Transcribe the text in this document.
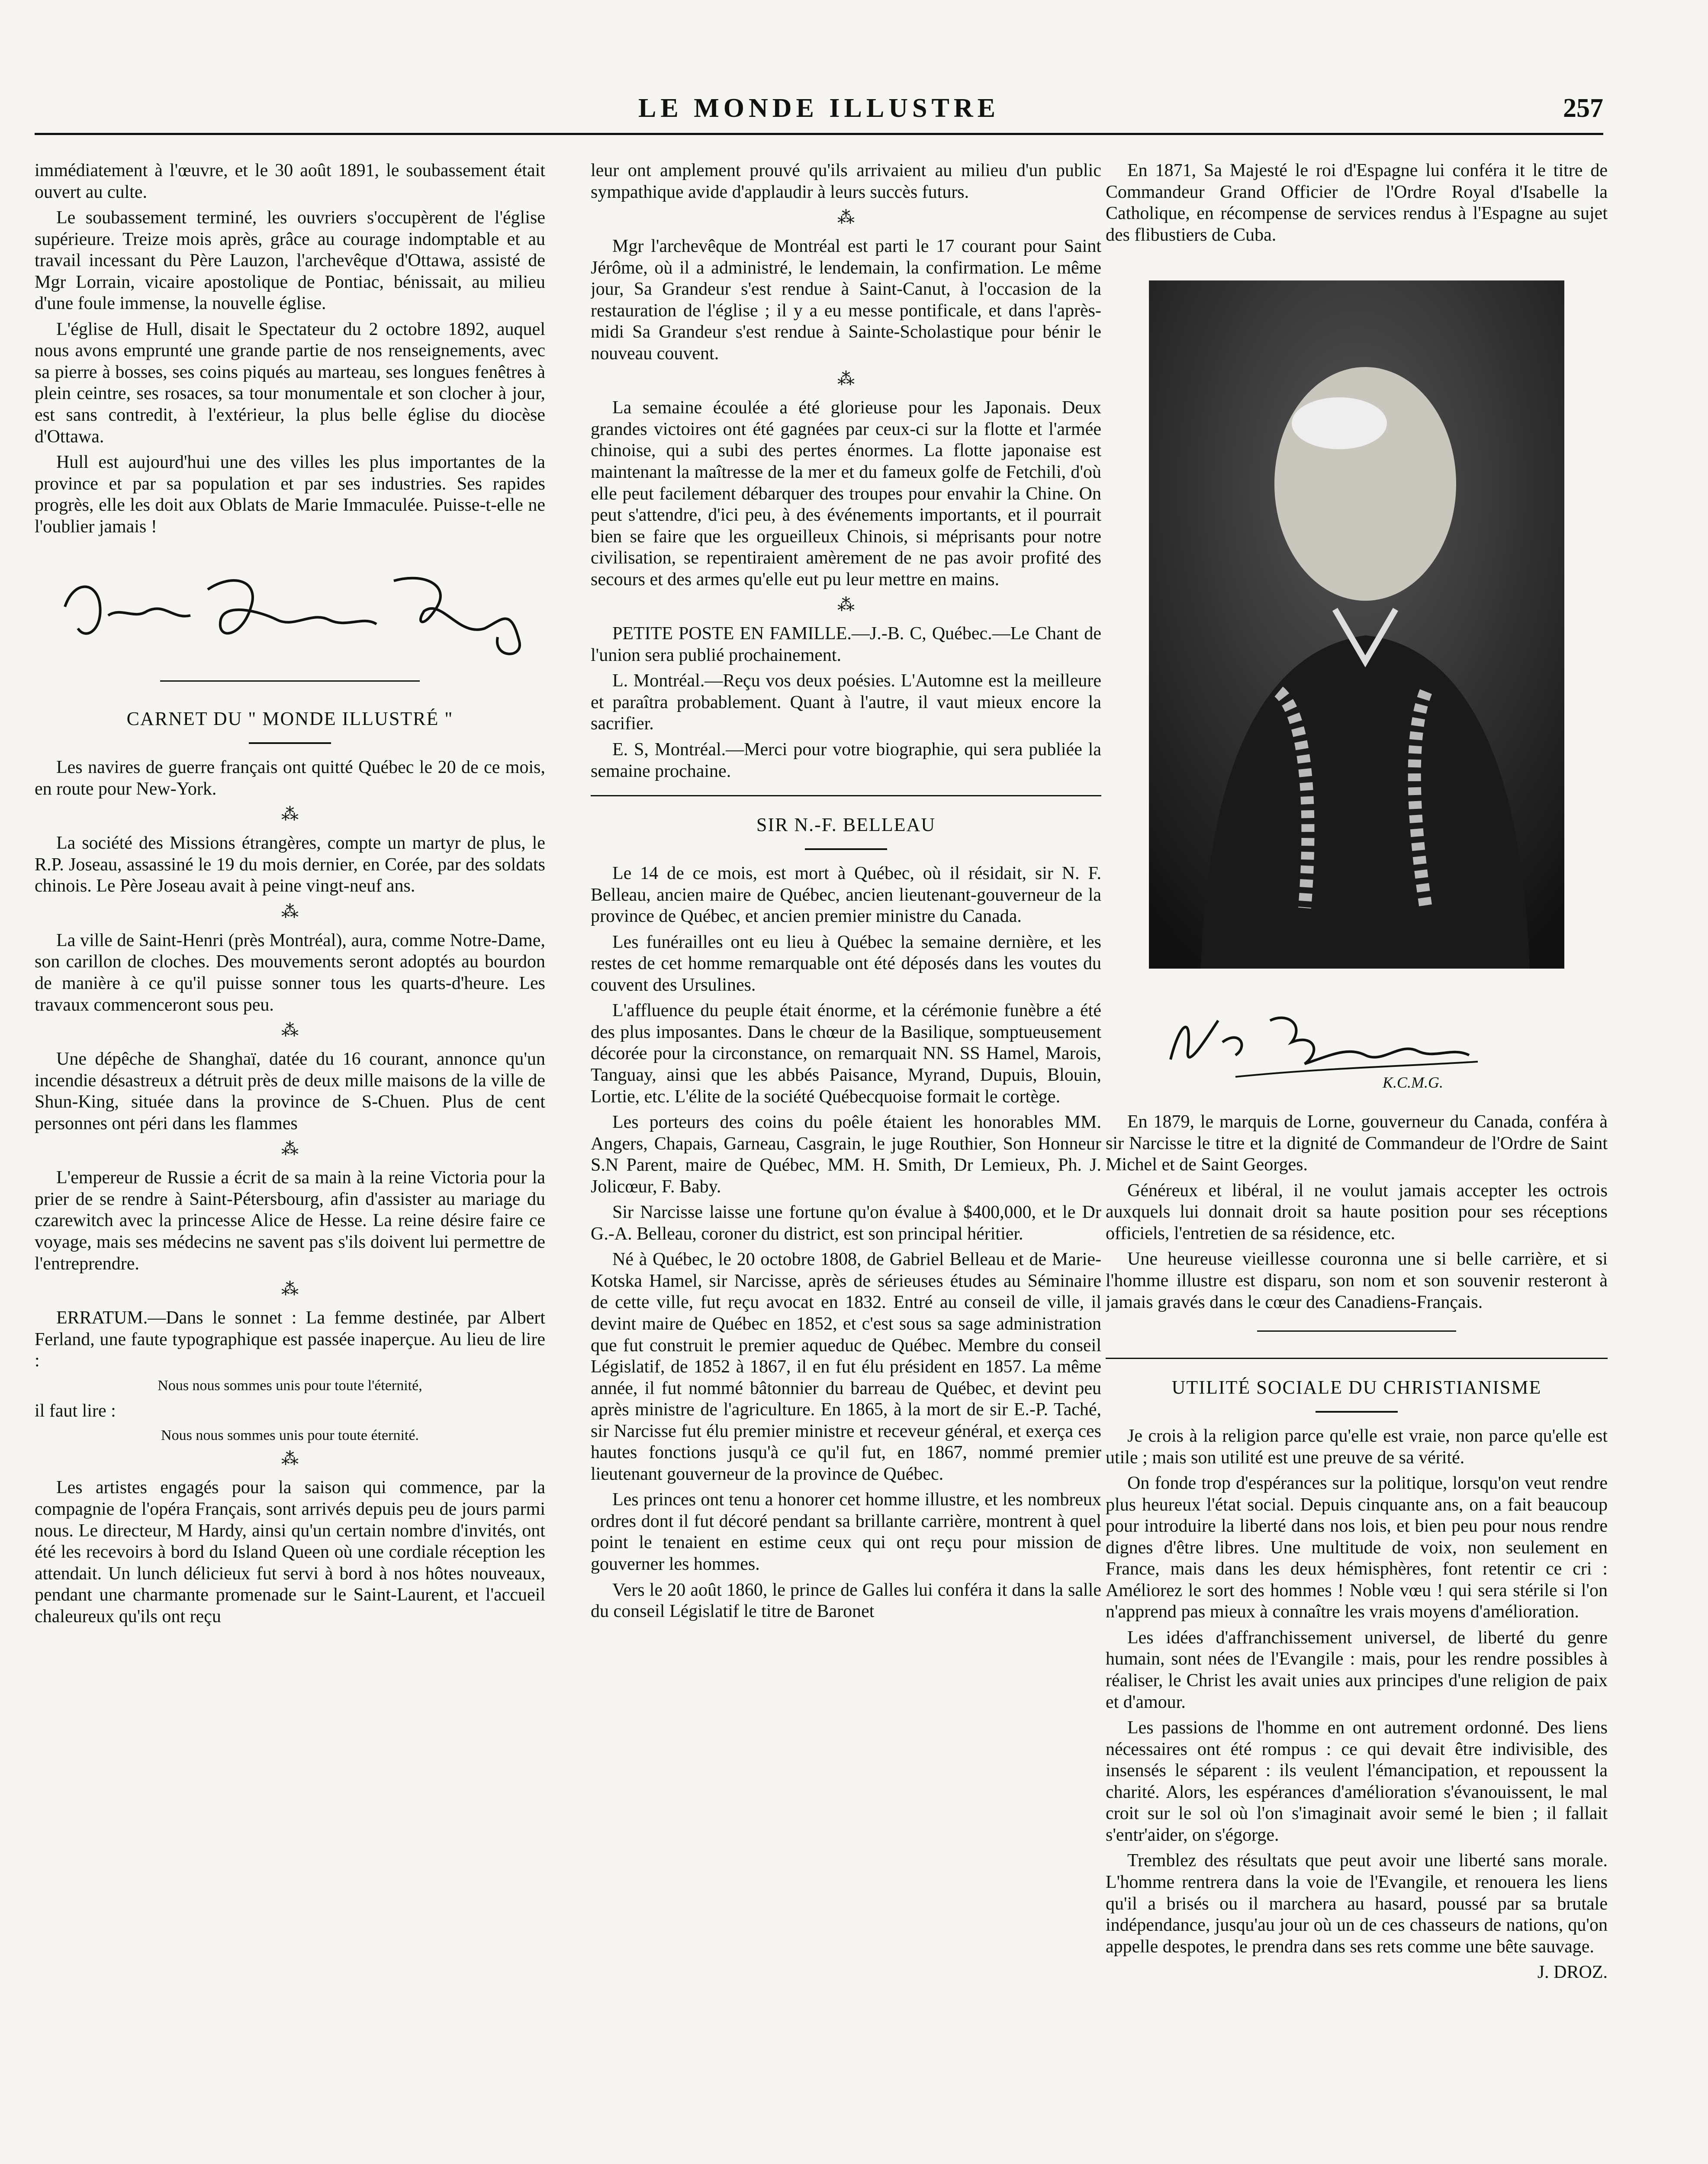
LE MONDE ILLUSTRE	257

immédiatement à l'œuvre, et le 30 août 1891, le soubassement était ouvert au culte.

Le soubassement terminé, les ouvriers s'occupèrent de l'église supérieure. Treize mois après, grâce au courage indomptable et au travail incessant du Père Lauzon, l'archevêque d'Ottawa, assisté de Mgr Lorrain, vicaire apostolique de Pontiac, bénissait, au milieu d'une foule immense, la nouvelle église.

L'église de Hull, disait le Spectateur du 2 octobre 1892, auquel nous avons emprunté une grande partie de nos renseignements, avec sa pierre à bosses, ses coins piqués au marteau, ses longues fenêtres à plein ceintre, ses rosaces, sa tour monumentale et son clocher à jour, est sans contredit, à l'extérieur, la plus belle église du diocèse d'Ottawa.

Hull est aujourd'hui une des villes les plus importantes de la province et par sa population et par ses industries. Ses rapides progrès, elle les doit aux Oblats de Marie Immaculée. Puisse-t-elle ne l'oublier jamais !

CARNET DU " MONDE ILLUSTRÉ "

Les navires de guerre français ont quitté Québec le 20 de ce mois, en route pour New-York.

⁂

La société des Missions étrangères, compte un martyr de plus, le R.P. Joseau, assassiné le 19 du mois dernier, en Corée, par des soldats chinois. Le Père Joseau avait à peine vingt-neuf ans.

⁂

La ville de Saint-Henri (près Montréal), aura, comme Notre-Dame, son carillon de cloches. Des mouvements seront adoptés au bourdon de manière à ce qu'il puisse sonner tous les quarts-d'heure. Les travaux commenceront sous peu.

⁂

Une dépêche de Shanghaï, datée du 16 courant, annonce qu'un incendie désastreux a détruit près de deux mille maisons de la ville de Shun-King, située dans la province de S-Chuen. Plus de cent personnes ont péri dans les flammes

⁂

L'empereur de Russie a écrit de sa main à la reine Victoria pour la prier de se rendre à Saint-Pétersbourg, afin d'assister au mariage du czarewitch avec la princesse Alice de Hesse. La reine désire faire ce voyage, mais ses médecins ne savent pas s'ils doivent lui permettre de l'entreprendre.

⁂

ERRATUM.—Dans le sonnet : La femme destinée, par Albert Ferland, une faute typographique est passée inaperçue. Au lieu de lire :

Nous nous sommes unis pour toute l'éternité,

il faut lire :

Nous nous sommes unis pour toute éternité.

⁂

Les artistes engagés pour la saison qui commence, par la compagnie de l'opéra Français, sont arrivés depuis peu de jours parmi nous. Le directeur, M Hardy, ainsi qu'un certain nombre d'invités, ont été les recevoirs à bord du Island Queen où une cordiale réception les attendait. Un lunch délicieux fut servi à bord à nos hôtes nouveaux, pendant une charmante promenade sur le Saint-Laurent, et l'accueil chaleureux qu'ils ont reçu

leur ont amplement prouvé qu'ils arrivaient au milieu d'un public sympathique avide d'applaudir à leurs succès futurs.

⁂

Mgr l'archevêque de Montréal est parti le 17 courant pour Saint Jérôme, où il a administré, le lendemain, la confirmation. Le même jour, Sa Grandeur s'est rendue à Saint-Canut, à l'occasion de la restauration de l'église ; il y a eu messe pontificale, et dans l'après-midi Sa Grandeur s'est rendue à Sainte-Scholastique pour bénir le nouveau couvent.

⁂

La semaine écoulée a été glorieuse pour les Japonais. Deux grandes victoires ont été gagnées par ceux-ci sur la flotte et l'armée chinoise, qui a subi des pertes énormes. La flotte japonaise est maintenant la maîtresse de la mer et du fameux golfe de Fetchili, d'où elle peut facilement débarquer des troupes pour envahir la Chine. On peut s'attendre, d'ici peu, à des événements importants, et il pourrait bien se faire que les orgueilleux Chinois, si méprisants pour notre civilisation, se repentiraient amèrement de ne pas avoir profité des secours et des armes qu'elle eut pu leur mettre en mains.

⁂

PETITE POSTE EN FAMILLE.—J.-B. C, Québec.—Le Chant de l'union sera publié prochainement.

L. Montréal.—Reçu vos deux poésies. L'Automne est la meilleure et paraîtra probablement. Quant à l'autre, il vaut mieux encore la sacrifier.

E. S, Montréal.—Merci pour votre biographie, qui sera publiée la semaine prochaine.

SIR N.-F. BELLEAU

Le 14 de ce mois, est mort à Québec, où il résidait, sir N. F. Belleau, ancien maire de Québec, ancien lieutenant-gouverneur de la province de Québec, et ancien premier ministre du Canada.

Les funérailles ont eu lieu à Québec la semaine dernière, et les restes de cet homme remarquable ont été déposés dans les voutes du couvent des Ursulines.

L'affluence du peuple était énorme, et la cérémonie funèbre a été des plus imposantes. Dans le chœur de la Basilique, somptueusement décorée pour la circonstance, on remarquait NN. SS Hamel, Marois, Tanguay, ainsi que les abbés Paisance, Myrand, Dupuis, Blouin, Lortie, etc. L'élite de la société Québecquoise formait le cortège.

Les porteurs des coins du poêle étaient les honorables MM. Angers, Chapais, Garneau, Casgrain, le juge Routhier, Son Honneur S.N Parent, maire de Québec, MM. H. Smith, Dr Lemieux, Ph. J. Jolicœur, F. Baby.

Sir Narcisse laisse une fortune qu'on évalue à $400,000, et le Dr G.-A. Belleau, coroner du district, est son principal héritier.

Né à Québec, le 20 octobre 1808, de Gabriel Belleau et de Marie-Kotska Hamel, sir Narcisse, après de sérieuses études au Séminaire de cette ville, fut reçu avocat en 1832. Entré au conseil de ville, il devint maire de Québec en 1852, et c'est sous sa sage administration que fut construit le premier aqueduc de Québec. Membre du conseil Législatif, de 1852 à 1867, il en fut élu président en 1857. La même année, il fut nommé bâtonnier du barreau de Québec, et devint peu après ministre de l'agriculture. En 1865, à la mort de sir E.-P. Taché, sir Narcisse fut élu premier ministre et receveur général, et exerça ces hautes fonctions jusqu'à ce qu'il fut, en 1867, nommé premier lieutenant gouverneur de la province de Québec.

Les princes ont tenu a honorer cet homme illustre, et les nombreux ordres dont il fut décoré pendant sa brillante carrière, montrent à quel point le tenaient en estime ceux qui ont reçu pour mission de gouverner les hommes.

Vers le 20 août 1860, le prince de Galles lui conféra it dans la salle du conseil Législatif le titre de Baronet

En 1871, Sa Majesté le roi d'Espagne lui conféra it le titre de Commandeur Grand Officier de l'Ordre Royal d'Isabelle la Catholique, en récompense de services rendus à l'Espagne au sujet des flibustiers de Cuba.

K.C.M.G.

En 1879, le marquis de Lorne, gouverneur du Canada, conféra à sir Narcisse le titre et la dignité de Commandeur de l'Ordre de Saint Michel et de Saint Georges.

Généreux et libéral, il ne voulut jamais accepter les octrois auxquels lui donnait droit sa haute position pour ses réceptions officiels, l'entretien de sa résidence, etc.

Une heureuse vieillesse couronna une si belle carrière, et si l'homme illustre est disparu, son nom et son souvenir resteront à jamais gravés dans le cœur des Canadiens-Français.

UTILITÉ SOCIALE DU CHRISTIANISME

Je crois à la religion parce qu'elle est vraie, non parce qu'elle est utile ; mais son utilité est une preuve de sa vérité.

On fonde trop d'espérances sur la politique, lorsqu'on veut rendre plus heureux l'état social. Depuis cinquante ans, on a fait beaucoup pour introduire la liberté dans nos lois, et bien peu pour nous rendre dignes d'être libres. Une multitude de voix, non seulement en France, mais dans les deux hémisphères, font retentir ce cri : Améliorez le sort des hommes ! Noble vœu ! qui sera stérile si l'on n'apprend pas mieux à connaître les vrais moyens d'amélioration.

Les idées d'affranchissement universel, de liberté du genre humain, sont nées de l'Evangile : mais, pour les rendre possibles à réaliser, le Christ les avait unies aux principes d'une religion de paix et d'amour.

Les passions de l'homme en ont autrement ordonné. Des liens nécessaires ont été rompus : ce qui devait être indivisible, des insensés le séparent : ils veulent l'émancipation, et repoussent la charité. Alors, les espérances d'amélioration s'évanouissent, le mal croit sur le sol où l'on s'imaginait avoir semé le bien ; il fallait s'entr'aider, on s'égorge.

Tremblez des résultats que peut avoir une liberté sans morale. L'homme rentrera dans la voie de l'Evangile, et renouera les liens qu'il a brisés ou il marchera au hasard, poussé par sa brutale indépendance, jusqu'au jour où un de ces chasseurs de nations, qu'on appelle despotes, le prendra dans ses rets comme une bête sauvage.

J. DROZ.
